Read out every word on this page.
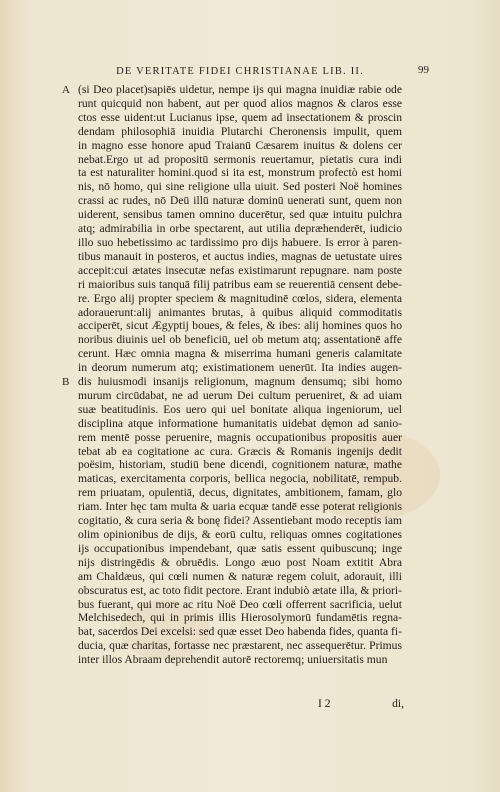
DE VERITATE FIDEI CHRISTIANAE LIB. II.	99
A
B
(si Deo placet)sapiēs uidetur, nempe ijs qui magna inuidiæ rabie ode
runt quicquid non habent, aut per quod alios magnos & claros esse
ctos esse uident:ut Lucianus ipse, quem ad insectationem & proscin
dendam philosophiā inuidia Plutarchi Cheronensis impulit, quem
in magno esse honore apud Traianū Cæsarem inuitus & dolens cer
nebat.Ergo ut ad propositū sermonis reuertamur, pietatis cura indi
ta est naturaliter homini.quod si ita est, monstrum profectò est homi
nis, nō homo, qui sine religione ulla uiuit. Sed posteri Noë homines
crassi ac rudes, nō Deū illū naturæ dominū uenerati sunt, quem non
uiderent, sensibus tamen omnino ducerētur, sed quæ intuitu pulchra
atq; admirabilia in orbe spectarent, aut utilia depræhenderēt, iudicio
illo suo hebetissimo ac tardissimo pro dijs habuere. Is error à paren-
tibus manauit in posteros, et auctus indies, magnas de uetustate uires
accepit:cui ætates insecutæ nefas existimarunt repugnare. nam poste
ri maioribus suis tanquā filij patribus eam se reuerentiā censent debe-
re. Ergo alij propter speciem & magnitudinē cœlos, sidera, elementa
adorauerunt:alij animantes brutas, à quibus aliquid commoditatis
acciperēt, sicut Ægyptij boues, & feles, & ibes: alij homines quos ho
noribus diuinis uel ob beneficiū, uel ob metum atq; assentationē affe
cerunt. Hæc omnia magna & miserrima humani generis calamitate
in deorum numerum atq; existimationem uenerūt. Ita indies augen-
dis huiusmodi insanijs religionum, magnum densumq; sibi homo
murum circūdabat, ne ad uerum Dei cultum perueniret, & ad uiam
suæ beatitudinis. Eos uero qui uel bonitate aliqua ingeniorum, uel
disciplina atque informatione humanitatis uidebat dęmon ad sanio-
rem mentē posse peruenire, magnis occupationibus propositis auer
tebat ab ea cogitatione ac cura. Græcis & Romanis ingenijs dedit
poësim, historiam, studiū bene dicendi, cognitionem naturæ, mathe
maticas, exercitamenta corporis, bellica negocia, nobilitatē, rempub.
rem priuatam, opulentiā, decus, dignitates, ambitionem, famam, glo
riam. Inter hęc tam multa & uaria ecquæ tandē esse poterat religionis
cogitatio, & cura seria & bonę fidei? Assentiebant modo receptis iam
olim opinionibus de dijs, & eorū cultu, reliquas omnes cogitationes
ijs occupationibus impendebant, quæ satis essent quibuscunq; inge
nijs distringēdis & obruēdis. Longo æuo post Noam extitit Abra
am Chaldæus, qui cœli numen & naturæ regem coluit, adorauit, illi
obscuratus est, ac toto fidit pectore. Erant indubiò ætate illa, & priori-
bus fuerant, qui more ac ritu Noë Deo cœli offerrent sacrificia, uelut
Melchisedech, qui in primis illis Hierosolymorū fundamētis regna-
bat, sacerdos Dei excelsi: sed quæ esset Deo habenda fides, quanta fi-
ducia, quæ charitas, fortasse nec præstarent, nec assequerētur. Primus
inter illos Abraam deprehendit autorē rectoremq; uniuersitatis mun
I 2	di,
